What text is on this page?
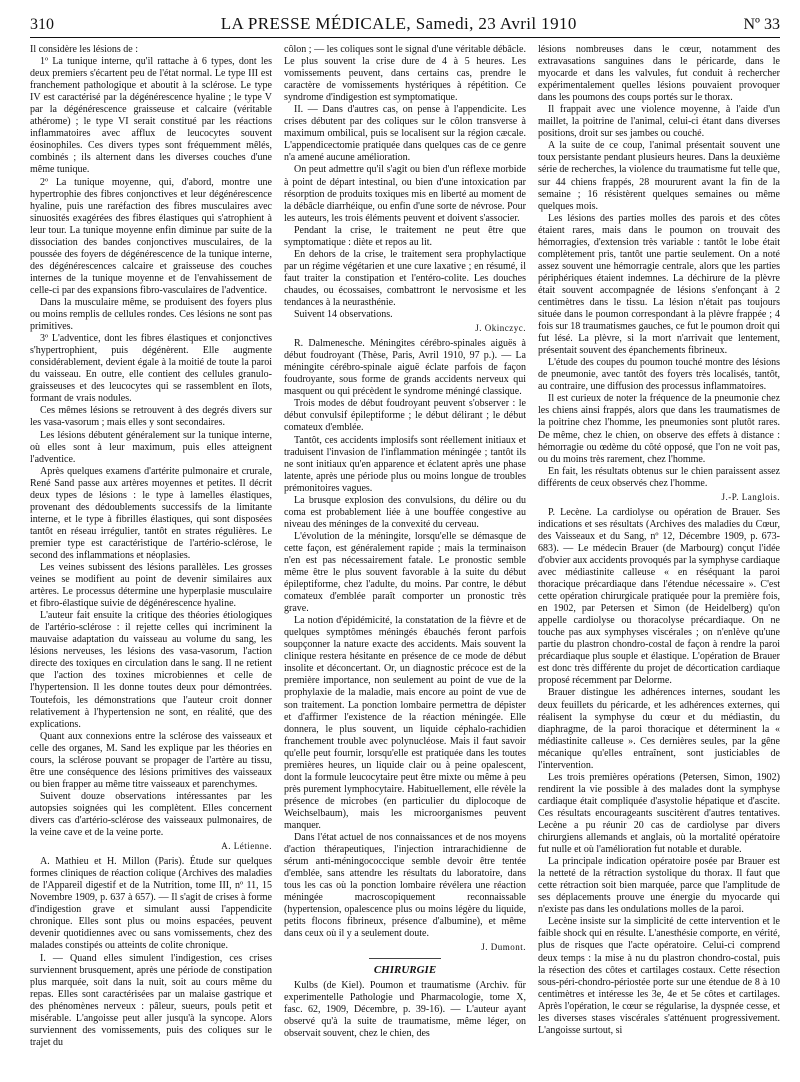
310	LA PRESSE MÉDICALE, Samedi, 23 Avril 1910	Nº 33

Il considère les lésions de :

1º La tunique interne, qu'il rattache à 6 types, dont les deux premiers s'écartent peu de l'état normal. Le type III est franchement pathologique et aboutit à la sclérose. Le type IV est caractérisé par la dégénérescence hyaline ; le type V par la dégénérescence graisseuse et calcaire (véritable athérome) ; le type VI serait constitué par les réactions inflammatoires avec afflux de leucocytes souvent éosinophiles. Ces divers types sont fréquemment mêlés, combinés ; ils alternent dans les diverses couches d'une même tunique.

2º La tunique moyenne, qui, d'abord, montre une hypertrophie des fibres conjonctives et leur dégénérescence hyaline, puis une raréfaction des fibres musculaires avec sinuosités exagérées des fibres élastiques qui s'atrophient à leur tour. La tunique moyenne enfin diminue par suite de la dissociation des bandes conjonctives musculaires, de la poussée des foyers de dégénérescence de la tunique interne, des dégénérescences calcaire et graisseuse des couches internes de la tunique moyenne et de l'envahissement de celle-ci par des expansions fibro-vasculaires de l'adventice.

Dans la musculaire même, se produisent des foyers plus ou moins remplis de cellules rondes. Ces lésions ne sont pas primitives.

3º L'adventice, dont les fibres élastiques et conjonctives s'hypertrophient, puis dégénèrent. Elle augmente considérablement, devient égale à la moitié de toute la paroi du vaisseau. En outre, elle contient des cellules granulo-graisseuses et des leucocytes qui se rassemblent en îlots, formant de vrais nodules.

Ces mêmes lésions se retrouvent à des degrés divers sur les vasa-vasorum ; mais elles y sont secondaires.

Les lésions débutent généralement sur la tunique interne, où elles sont à leur maximum, puis elles atteignent l'adventice.

Après quelques examens d'artérite pulmonaire et crurale, René Sand passe aux artères moyennes et petites. Il décrit deux types de lésions : le type à lamelles élastiques, provenant des dédoublements successifs de la limitante interne, et le type à fibrilles élastiques, qui sont disposées tantôt en réseau irrégulier, tantôt en strates régulières. Le premier type est caractéristique de l'artério-sclérose, le second des inflammations et néoplasies.

Les veines subissent des lésions parallèles. Les grosses veines se modifient au point de devenir similaires aux artères. Le processus détermine une hyperplasie musculaire et fibro-élastique suivie de dégénérescence hyaline.

L'auteur fait ensuite la critique des théories étiologiques de l'artério-sclérose : il rejette celles qui incriminent la mauvaise adaptation du vaisseau au volume du sang, les lésions nerveuses, les lésions des vasa-vasorum, l'action directe des toxiques en circulation dans le sang. Il ne retient que l'action des toxines microbiennes et celle de l'hypertension. Il les donne toutes deux pour démontrées. Toutefois, les démonstrations que l'auteur croit donner relativement à l'hypertension ne sont, en réalité, que des explications.

Quant aux connexions entre la sclérose des vaisseaux et celle des organes, M. Sand les explique par les théories en cours, la sclérose pouvant se propager de l'artère au tissu, être une conséquence des lésions primitives des vaisseaux ou bien frapper au même titre vaisseaux et parenchymes.

Suivent douze observations intéressantes par les autopsies soignées qui les complètent. Elles concernent divers cas d'artério-sclérose des vaisseaux pulmonaires, de la veine cave et de la veine porte.

A. Létienne.

A. Mathieu et H. Millon (Paris). Étude sur quelques formes cliniques de réaction colique (Archives des maladies de l'Appareil digestif et de la Nutrition, tome III, nº 11, 15 Novembre 1909, p. 637 à 657). — Il s'agit de crises à forme d'indigestion grave et simulant aussi l'appendicite chronique. Elles sont plus ou moins espacées, peuvent devenir quotidiennes avec ou sans vomissements, chez des malades constipés ou atteints de colite chronique.

I. — Quand elles simulent l'indigestion, ces crises surviennent brusquement, après une période de constipation plus marquée, soit dans la nuit, soit au cours même du repas. Elles sont caractérisées par un malaise gastrique et des phénomènes nerveux : pâleur, sueurs, pouls petit et misérable. L'angoisse peut aller jusqu'à la syncope. Alors surviennent des vomissements, puis des coliques sur le trajet du

côlon ; — les coliques sont le signal d'une véritable débâcle. Le plus souvent la crise dure de 4 à 5 heures. Les vomissements peuvent, dans certains cas, prendre le caractère de vomissements hystériques à répétition. Ce syndrome d'indigestion est symptomatique.

II. — Dans d'autres cas, on pense à l'appendicite. Les crises débutent par des coliques sur le côlon transverse à maximum ombilical, puis se localisent sur la région cæcale. L'appendicectomie pratiquée dans quelques cas de ce genre n'a amené aucune amélioration.

On peut admettre qu'il s'agit ou bien d'un réflexe morbide à point de départ intestinal, ou bien d'une intoxication par résorption de produits toxiques mis en liberté au moment de la débâcle diarrhéique, ou enfin d'une sorte de névrose. Pour les auteurs, les trois éléments peuvent et doivent s'associer.

Pendant la crise, le traitement ne peut être que symptomatique : diète et repos au lit.

En dehors de la crise, le traitement sera prophylactique par un régime végétarien et une cure laxative ; en résumé, il faut traiter la constipation et l'entéro-colite. Les douches chaudes, ou écossaises, combattront le nervosisme et les tendances à la neurasthénie.

Suivent 14 observations.

J. Okinczyc.

R. Dalmenesche. Méningites cérébro-spinales aiguës à début foudroyant (Thèse, Paris, Avril 1910, 97 p.). — La méningite cérébro-spinale aiguë éclate parfois de façon foudroyante, sous forme de grands accidents nerveux qui masquent ou qui précèdent le syndrome méningé classique.

Trois modes de début foudroyant peuvent s'observer : le début convulsif épileptiforme ; le début délirant ; le début comateux d'emblée.

Tantôt, ces accidents implosifs sont réellement initiaux et traduisent l'invasion de l'inflammation méningée ; tantôt ils ne sont initiaux qu'en apparence et éclatent après une phase latente, après une période plus ou moins longue de troubles prémonitoires vagues.

La brusque explosion des convulsions, du délire ou du coma est probablement liée à une bouffée congestive au niveau des méninges de la convexité du cerveau.

L'évolution de la méningite, lorsqu'elle se démasque de cette façon, est généralement rapide ; mais la terminaison n'en est pas nécessairement fatale. Le pronostic semble même être le plus souvent favorable à la suite du début épileptiforme, chez l'adulte, du moins. Par contre, le début comateux d'emblée paraît comporter un pronostic très grave.

La notion d'épidémicité, la constatation de la fièvre et de quelques symptômes méningés ébauchés feront parfois soupçonner la nature exacte des accidents. Mais souvent la clinique restera hésitante en présence de ce mode de début insolite et déconcertant. Or, un diagnostic précoce est de la première importance, non seulement au point de vue de la prophylaxie de la maladie, mais encore au point de vue de son traitement. La ponction lombaire permettra de dépister et d'affirmer l'existence de la réaction méningée. Elle donnera, le plus souvent, un liquide céphalo-rachidien franchement trouble avec polynucléose. Mais il faut savoir qu'elle peut fournir, lorsqu'elle est pratiquée dans les toutes premières heures, un liquide clair ou à peine opalescent, dont la formule leucocytaire peut être mixte ou même à peu près purement lymphocytaire. Habituellement, elle révèle la présence de microbes (en particulier du diplocoque de Weichselbaum), mais les microorganismes peuvent manquer.

Dans l'état actuel de nos connaissances et de nos moyens d'action thérapeutiques, l'injection intrarachidienne de sérum anti-méningococcique semble devoir être tentée d'emblée, sans attendre les résultats du laboratoire, dans tous les cas où la ponction lombaire révélera une réaction méningée macroscopiquement reconnaissable (hypertension, opalescence plus ou moins légère du liquide, petits flocons fibrineux, présence d'albumine), et même dans ceux où il y a seulement doute.

J. Dumont.
CHIRURGIE

Kulbs (de Kiel). Poumon et traumatisme (Archiv. für experimentelle Pathologie und Pharmacologie, tome X, fasc. 62, 1909, Décembre, p. 39-16). — L'auteur ayant observé qu'à la suite de traumatisme, même léger, on observait souvent, chez le chien, des

lésions nombreuses dans le cœur, notamment des extravasations sanguines dans le péricarde, dans le myocarde et dans les valvules, fut conduit à rechercher expérimentalement quelles lésions pouvaient provoquer dans les poumons des coups portés sur le thorax.

Il frappait avec une violence moyenne, à l'aide d'un maillet, la poitrine de l'animal, celui-ci étant dans diverses positions, droit sur ses jambes ou couché.

A la suite de ce coup, l'animal présentait souvent une toux persistante pendant plusieurs heures. Dans la deuxième série de recherches, la violence du traumatisme fut telle que, sur 44 chiens frappés, 28 moururent avant la fin de la semaine ; 16 résistèrent quelques semaines ou même quelques mois.

Les lésions des parties molles des parois et des côtes étaient rares, mais dans le poumon on trouvait des hémorragies, d'extension très variable : tantôt le lobe était complètement pris, tantôt une partie seulement. On a noté assez souvent une hémorragie centrale, alors que les parties périphériques étaient indemnes. La déchirure de la plèvre était souvent accompagnée de lésions s'enfonçant à 2 centimètres dans le tissu. La lésion n'était pas toujours située dans le poumon correspondant à la plèvre frappée ; 4 fois sur 18 traumatismes gauches, ce fut le poumon droit qui fut lésé. La plèvre, si la mort n'arrivait que lentement, présentait souvent des épanchements fibrineux.

L'étude des coupes du poumon touché montre des lésions de pneumonie, avec tantôt des foyers très localisés, tantôt, au contraire, une diffusion des processus inflammatoires.

Il est curieux de noter la fréquence de la pneumonie chez les chiens ainsi frappés, alors que dans les traumatismes de la poitrine chez l'homme, les pneumonies sont plutôt rares. De même, chez le chien, on observe des effets à distance : hémorragie ou œdème du côté opposé, que l'on ne voit pas, ou du moins très rarement, chez l'homme.

En fait, les résultats obtenus sur le chien paraissent assez différents de ceux observés chez l'homme.

J.-P. Langlois.

P. Lecène. La cardiolyse ou opération de Brauer. Ses indications et ses résultats (Archives des maladies du Cœur, des Vaisseaux et du Sang, nº 12, Décembre 1909, p. 673-683). — Le médecin Brauer (de Marbourg) conçut l'idée d'obvier aux accidents provoqués par la symphyse cardiaque avec médiastinite calleuse « en réséquant la paroi thoracique précardiaque dans l'étendue nécessaire ». C'est cette opération chirurgicale pratiquée pour la première fois, en 1902, par Petersen et Simon (de Heidelberg) qu'on appelle cardiolyse ou thoracolyse précardiaque. On ne touche pas aux symphyses viscérales ; on n'enlève qu'une partie du plastron chondro-costal de façon à rendre la paroi précardiaque plus souple et élastique. L'opération de Brauer est donc très différente du projet de décortication cardiaque proposé récemment par Delorme.

Brauer distingue les adhérences internes, soudant les deux feuillets du péricarde, et les adhérences externes, qui réalisent la symphyse du cœur et du médiastin, du diaphragme, de la paroi thoracique et déterminent la « médiastinite calleuse ». Ces dernières seules, par la gêne mécanique qu'elles entraînent, sont justiciables de l'intervention.

Les trois premières opérations (Petersen, Simon, 1902) rendirent la vie possible à des malades dont la symphyse cardiaque était compliquée d'asystolie hépatique et d'ascite. Ces résultats encourageants suscitèrent d'autres tentatives. Lecène a pu réunir 20 cas de cardiolyse par divers chirurgiens allemands et anglais, où la mortalité opératoire fut nulle et où l'amélioration fut notable et durable.

La principale indication opératoire posée par Brauer est la netteté de la rétraction systolique du thorax. Il faut que cette rétraction soit bien marquée, parce que l'amplitude de ses déplacements prouve une énergie du myocarde qui n'existe pas dans les ondulations molles de la paroi.

Lecène insiste sur la simplicité de cette intervention et le faible shock qui en résulte. L'anesthésie comporte, en vérité, plus de risques que l'acte opératoire. Celui-ci comprend deux temps : la mise à nu du plastron chondro-costal, puis la résection des côtes et cartilages costaux. Cette résection sous-péri-chondro-périostée porte sur une étendue de 8 à 10 centimètres et intéresse les 3e, 4e et 5e côtes et cartilages. Après l'opération, le cœur se régularise, la dyspnée cesse, et les diverses stases viscérales s'atténuent progressivement. L'angoisse surtout, si
